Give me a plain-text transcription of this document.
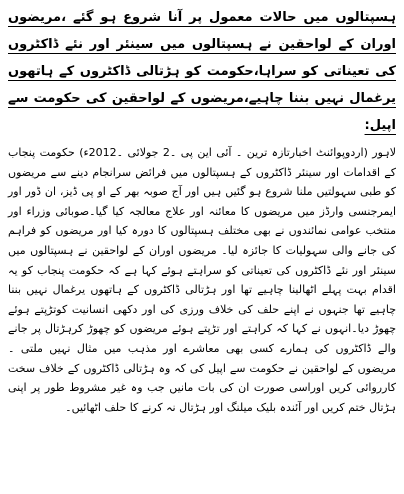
ہسپتالوں میں حالات معمول پر آنا شروع ہو گئے ،مریضوں اوران کے لواحقین نے ہسپتالوں میں سینئر اور نئے ڈاکٹروں کی تعیناتی کو سراہا،حکومت کو ہڑتالی ڈاکٹروں کے ہاتھوں یرغمال نہیں بننا چاہیے،مریضوں کے لواحقین کی حکومت سے اپیل:

لاہور (اردوپوائنٹ اخبارتازہ ترین ۔ آئی این پی ۔2 جولائی ۔2012ء) حکومت پنجاب کے اقدامات اور سینئر ڈاکٹروں کے ہسپتالوں میں فرائض سرانجام دینے سے مریضوں کو طبی سہولتیں ملنا شروع ہو گئیں ہیں اور آج صوبہ بھر کے او پی ڈیز، ان ڈور اور ایمرجنسی وارڈز میں مریضوں کا معائنہ اور علاج معالجہ کیا گیا۔صوبائی وزراء اور منتخب عوامی نمائندوں نے بھی مختلف ہسپتالوں کا دورہ کیا اور مریضوں کو فراہم کی جانے والی سہولیات کا جائزہ لیا۔ مریضوں اوران کے لواحقین نے ہسپتالوں میں سینئر اور نئے ڈاکٹروں کی تعیناتی کو سراہتے ہوئے کہا ہے کہ حکومت پنجاب کو یہ اقدام بہت پہلے اٹھالینا چاہیے تھا اور ہڑتالی ڈاکٹروں کے ہاتھوں یرغمال نہیں بننا چاہیے تھا جنہوں نے اپنے حلف کی خلاف ورزی کی اور دکھی انسانیت کوتڑپتے ہوئے چھوڑ دیا۔انہوں نے کہا کہ کراہتے اور تڑپتے ہوئے مریضوں کو چھوڑ کرہڑتال پر جانے والے ڈاکٹروں کی ہمارے کسی بھی معاشرے اور مذہب میں مثال نہیں ملتی ۔مریضوں کے لواحقین نے حکومت سے اپیل کی کہ وہ ہڑتالی ڈاکٹروں کے خلاف سخت کارروائی کریں اوراسی صورت ان کی بات مانیں جب وہ غیر مشروط طور پر اپنی ہڑتال ختم کریں اور آئندہ بلیک میلنگ اور ہڑتال نہ کرنے کا حلف اٹھائیں۔
